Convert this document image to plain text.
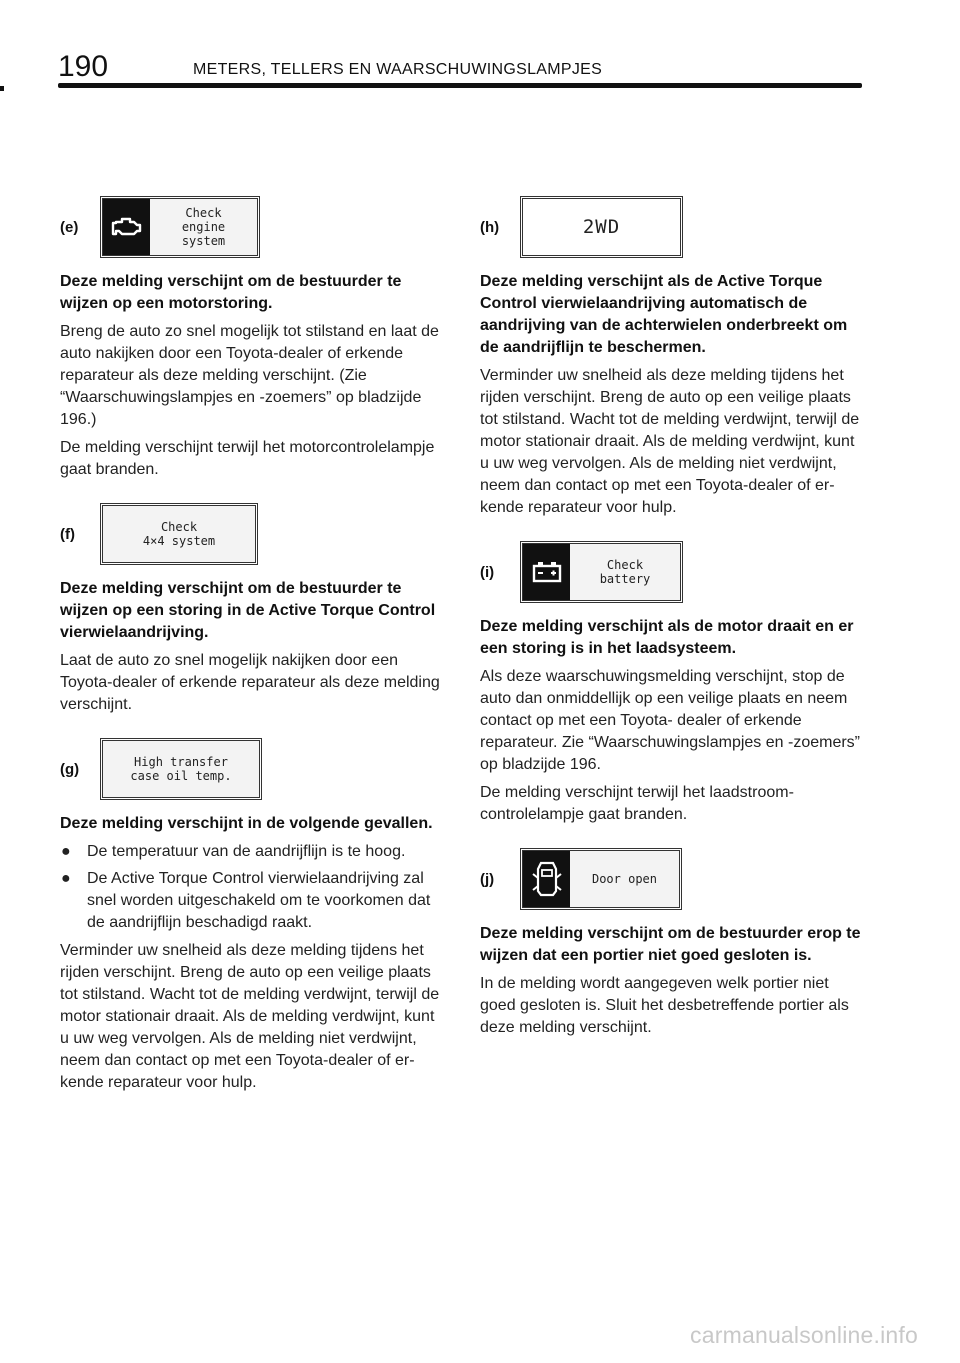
190	METERS, TELLERS EN WAARSCHUWINGSLAMPJES
(e)
Check
engine
system
Deze melding verschijnt om de bestuurder te wijzen op een motorstoring.

Breng de auto zo snel mogelijk tot stilstand en laat de auto nakijken door een Toyota‑dealer of erkende reparateur als deze melding verschijnt. (Zie “Waarschuwingslampjes en ‑zoemers” op bladzijde 196.)

De melding verschijnt terwijl het motorcontrolelampje gaat branden.

(f)	Check
4×4 system
Deze melding verschijnt om de bestuurder te wijzen op een storing in de Active Torque Control vierwielaandrijving.

Laat de auto zo snel mogelijk nakijken door een Toyota‑dealer of erkende reparateur als deze melding verschijnt.

(g)	High transfer
case oil temp.
Deze melding verschijnt in de volgende gevallen.
●	De temperatuur van de aandrijflijn is te hoog.
●	De Active Torque Control vierwielaandrijving zal snel worden uitgeschakeld om te voorkomen dat de aandrijflijn beschadigd raakt.

Verminder uw snelheid als deze melding tijdens het rijden verschijnt. Breng de auto op een veilige plaats tot stilstand. Wacht tot de melding verdwijnt, terwijl de motor stationair draait. Als de melding verdwijnt, kunt u uw weg vervolgen. Als de melding niet verdwijnt, neem dan contact op met een Toyota‑dealer of erkende reparateur voor hulp.

(h)	2WD
Deze melding verschijnt als de Active Torque Control vierwielaandrijving automatisch de aandrijving van de achterwielen onderbreekt om de aandrijflijn te beschermen.

Verminder uw snelheid als deze melding tijdens het rijden verschijnt. Breng de auto op een veilige plaats tot stilstand. Wacht tot de melding verdwijnt, terwijl de motor stationair draait. Als de melding verdwijnt, kunt u uw weg vervolgen. Als de melding niet verdwijnt, neem dan contact op met een Toyota‑dealer of erkende reparateur voor hulp.

(i)	Check
battery
Deze melding verschijnt als de motor draait en er een storing is in het laadsysteem.

Als deze waarschuwingsmelding verschijnt, stop de auto dan onmiddellijk op een veilige plaats en neem contact op met een Toyota‑ dealer of erkende reparateur. Zie “Waarschuwingslampjes en ‑zoemers” op bladzijde 196.

De melding verschijnt terwijl het laadstroomcontrolelampje gaat branden.

(j)	Door open
Deze melding verschijnt om de bestuurder erop te wijzen dat een portier niet goed gesloten is.

In de melding wordt aangegeven welk portier niet goed gesloten is. Sluit het desbetreffende portier als deze melding verschijnt.

carmanualsonline.info
